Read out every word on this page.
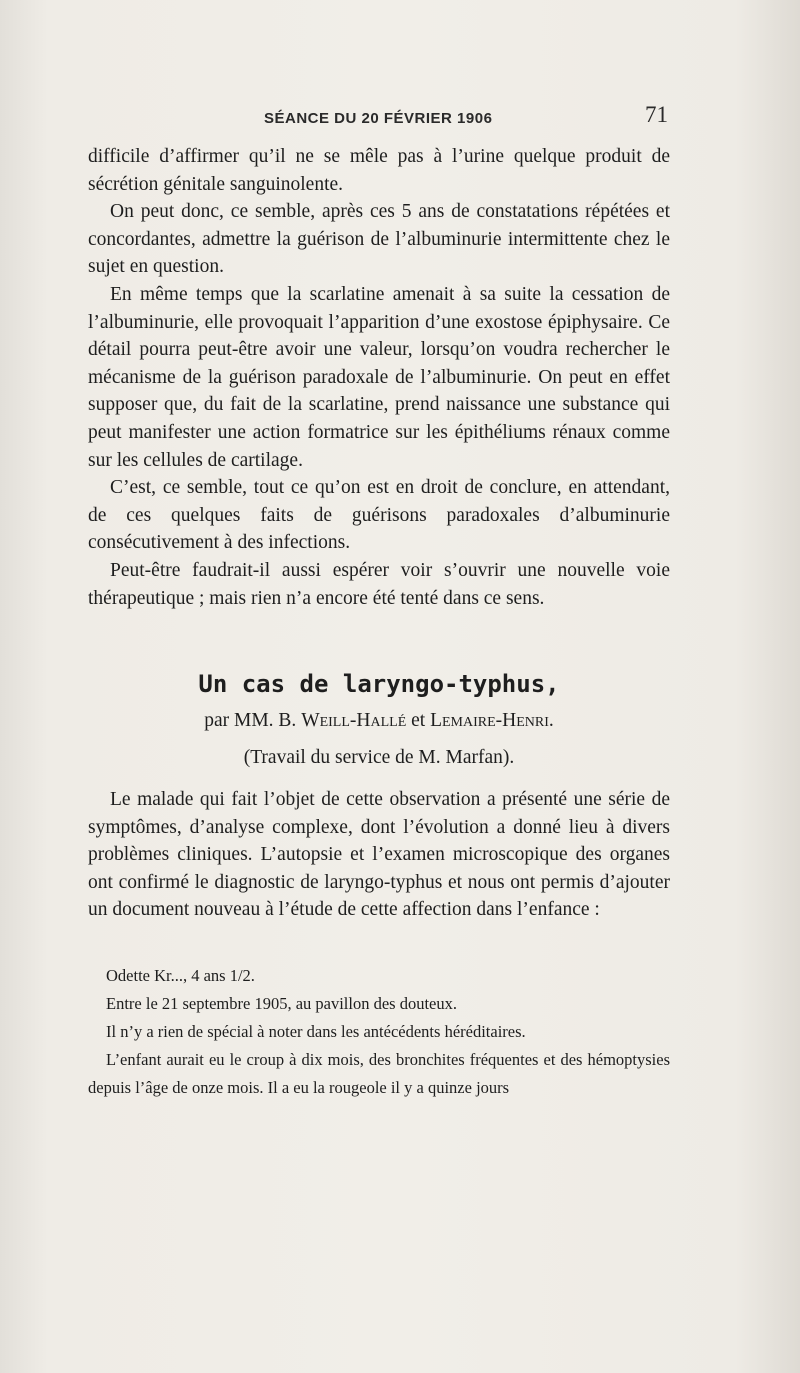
SÉANCE DU 20 FÉVRIER 1906	71

difficile d’affirmer qu’il ne se mêle pas à l’urine quelque produit de sécrétion génitale sanguinolente.

On peut donc, ce semble, après ces 5 ans de constatations répétées et concordantes, admettre la guérison de l’albuminurie intermittente chez le sujet en question.

En même temps que la scarlatine amenait à sa suite la cessation de l’albuminurie, elle provoquait l’apparition d’une exostose épiphysaire. Ce détail pourra peut-être avoir une valeur, lorsqu’on voudra rechercher le mécanisme de la guérison paradoxale de l’albuminurie. On peut en effet supposer que, du fait de la scarlatine, prend naissance une substance qui peut manifester une action formatrice sur les épithéliums rénaux comme sur les cellules de cartilage.

C’est, ce semble, tout ce qu’on est en droit de conclure, en attendant, de ces quelques faits de guérisons paradoxales d’albuminurie consécutivement à des infections.

Peut-être faudrait-il aussi espérer voir s’ouvrir une nouvelle voie thérapeutique ; mais rien n’a encore été tenté dans ce sens.

Un cas de laryngo-typhus,
par MM. B. Weill-Hallé et Lemaire-Henri.
(Travail du service de M. Marfan).

Le malade qui fait l’objet de cette observation a présenté une série de symptômes, d’analyse complexe, dont l’évolution a donné lieu à divers problèmes cliniques. L’autopsie et l’examen microscopique des organes ont confirmé le diagnostic de laryngo-typhus et nous ont permis d’ajouter un document nouveau à l’étude de cette affection dans l’enfance :

Odette Kr..., 4 ans 1/2.

Entre le 21 septembre 1905, au pavillon des douteux.

Il n’y a rien de spécial à noter dans les antécédents héréditaires.

L’enfant aurait eu le croup à dix mois, des bronchites fréquentes et des hémoptysies depuis l’âge de onze mois. Il a eu la rougeole il y a quinze jours
